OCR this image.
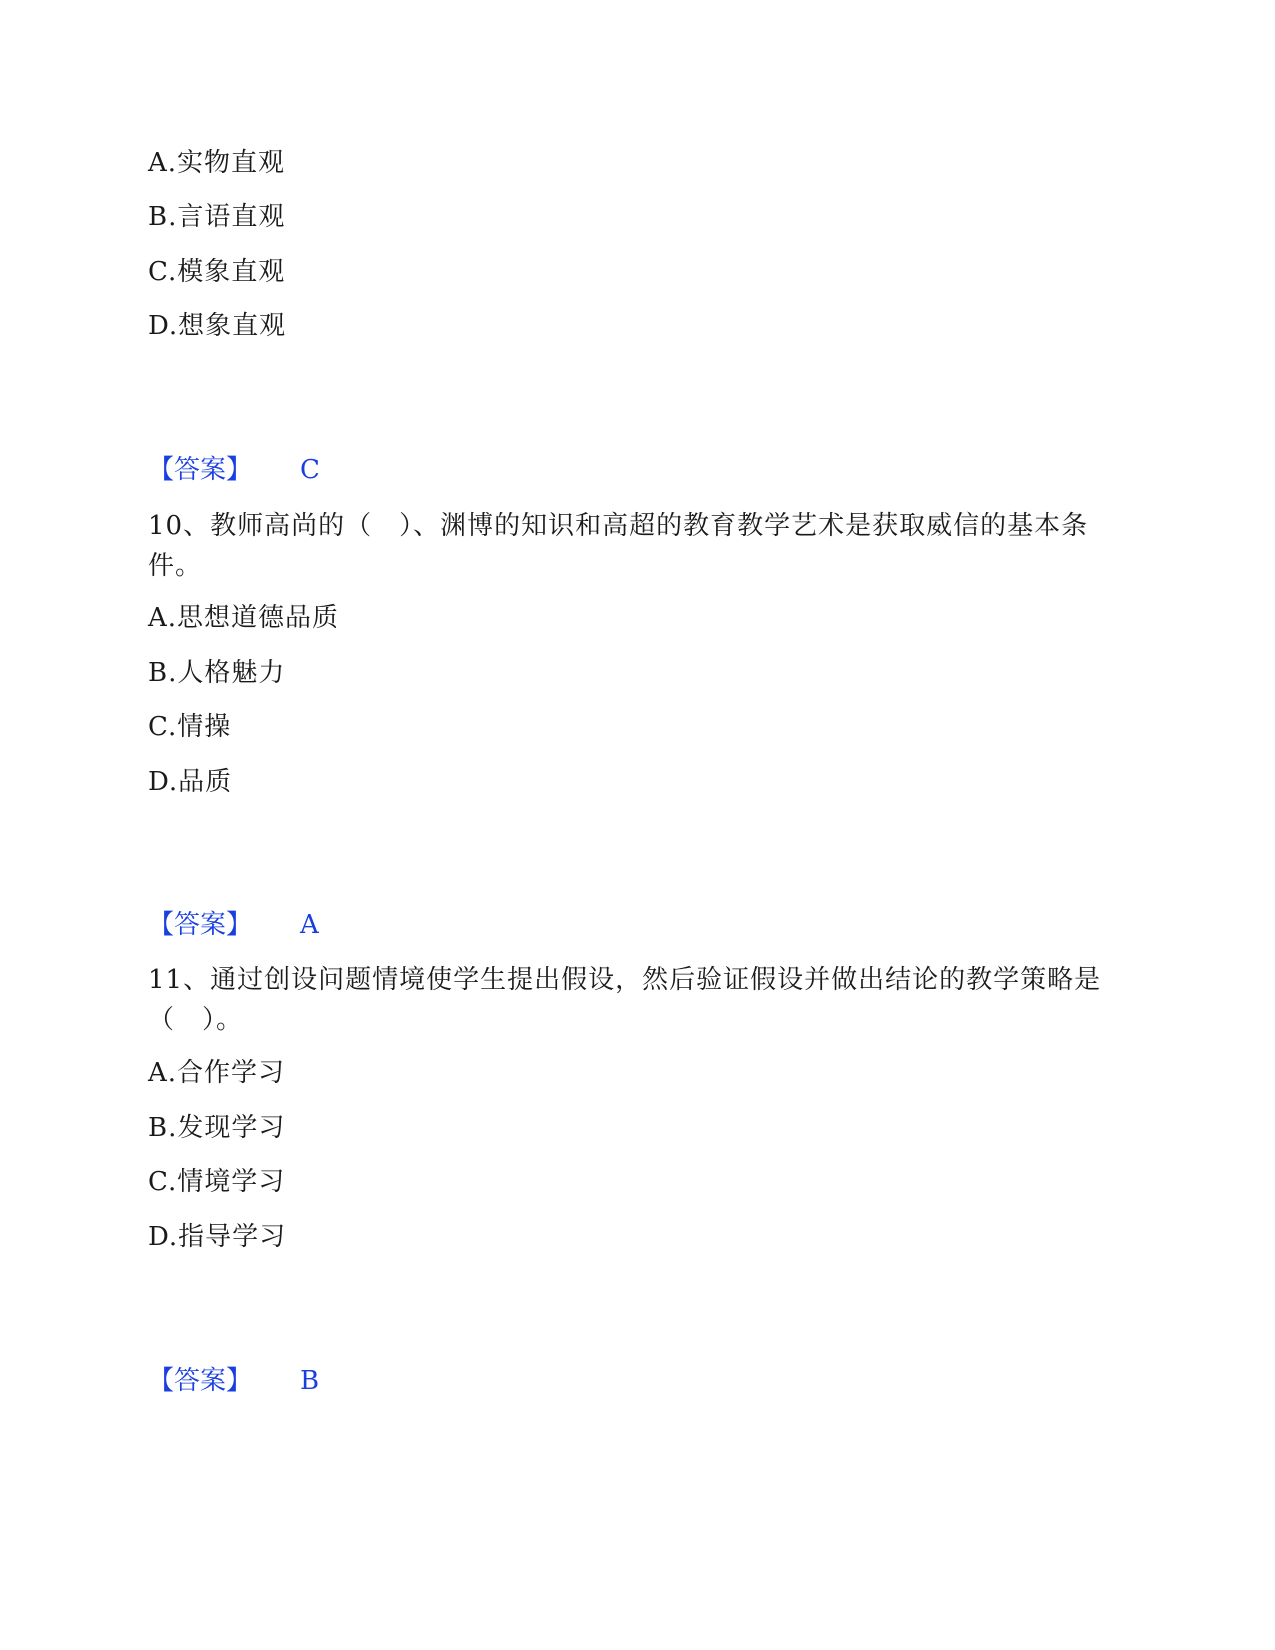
A.实物直观
B.言语直观
C.模象直观
D.想象直观
【答案】 C
10、教师高尚的（　）、渊博的知识和高超的教育教学艺术是获取威信的基本条件。
A.思想道德品质
B.人格魅力
C.情操
D.品质
【答案】 A
11、通过创设问题情境使学生提出假设，然后验证假设并做出结论的教学策略是（　）。
A.合作学习
B.发现学习
C.情境学习
D.指导学习
【答案】 B
